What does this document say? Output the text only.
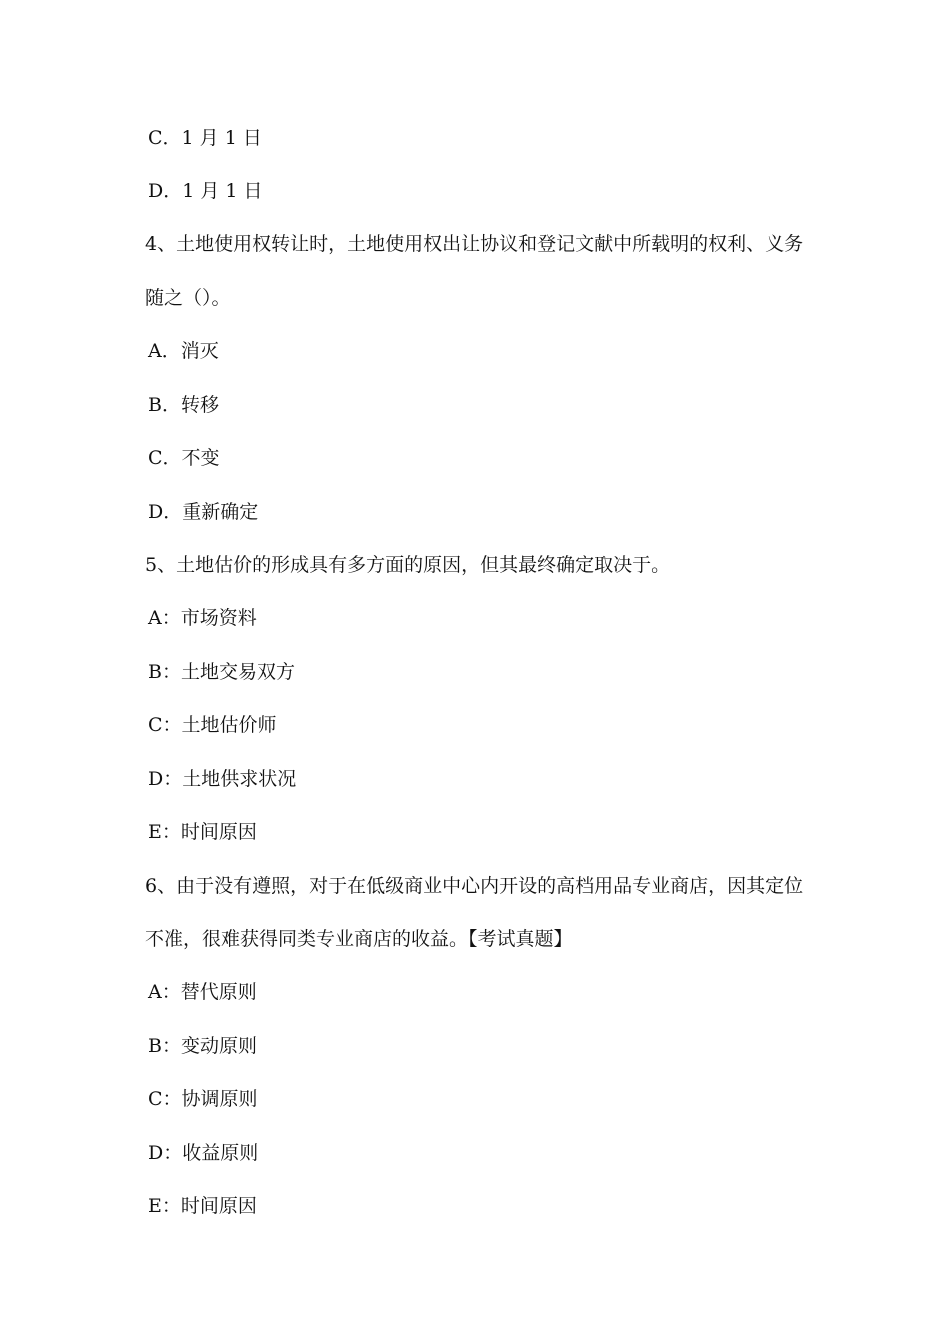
C．1 月 1 日
D．1 月 1 日
4、土地使用权转让时，土地使用权出让协议和登记文献中所载明的权利、义务
随之（）。
A．消灭
B．转移
C．不变
D．重新确定
5、土地估价的形成具有多方面的原因，但其最终确定取决于。
A：市场资料
B：土地交易双方
C：土地估价师
D：土地供求状况
E：时间原因
6、由于没有遵照，对于在低级商业中心内开设的高档用品专业商店，因其定位
不准，很难获得同类专业商店的收益。【考试真题】
A：替代原则
B：变动原则
C：协调原则
D：收益原则
E：时间原因
